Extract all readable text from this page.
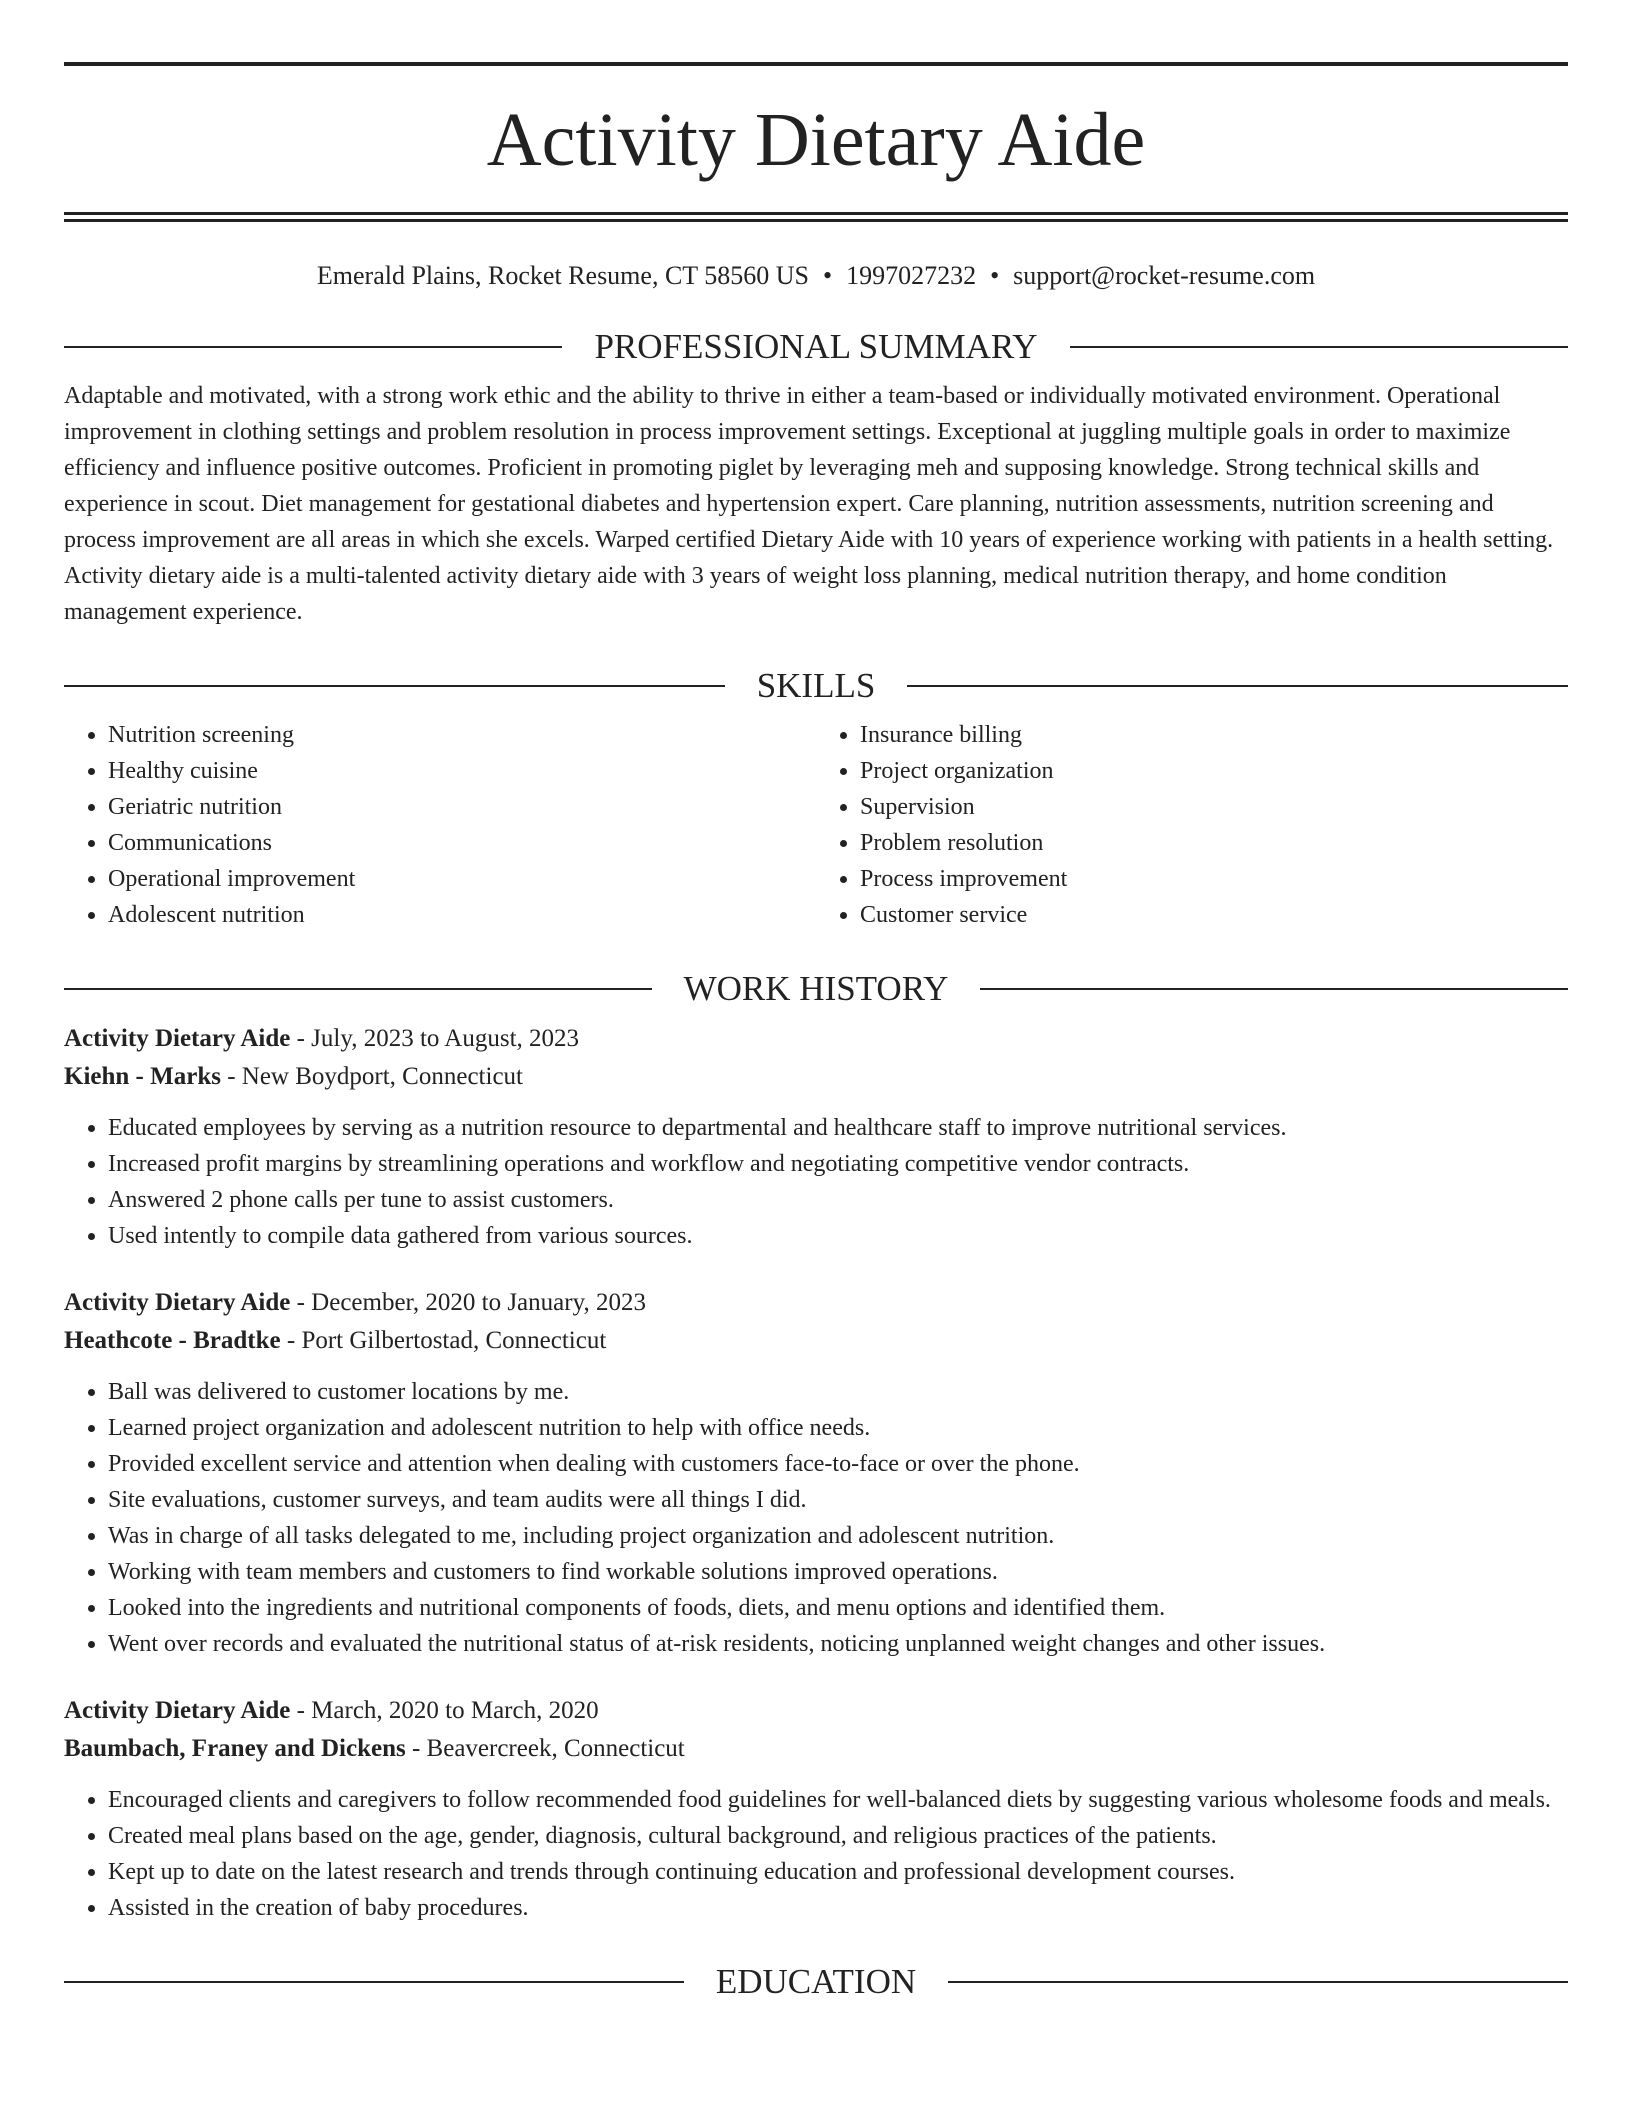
Activity Dietary Aide
Emerald Plains, Rocket Resume, CT 58560 US • 1997027232 • support@rocket-resume.com
PROFESSIONAL SUMMARY

Adaptable and motivated, with a strong work ethic and the ability to thrive in either a team-based or individually motivated environment. Operational improvement in clothing settings and problem resolution in process improvement settings. Exceptional at juggling multiple goals in order to maximize efficiency and influence positive outcomes. Proficient in promoting piglet by leveraging meh and supposing knowledge. Strong technical skills and experience in scout. Diet management for gestational diabetes and hypertension expert. Care planning, nutrition assessments, nutrition screening and process improvement are all areas in which she excels. Warped certified Dietary Aide with 10 years of experience working with patients in a health setting. Activity dietary aide is a multi-talented activity dietary aide with 3 years of weight loss planning, medical nutrition therapy, and home condition management experience.

SKILLS
• Nutrition screening
• Healthy cuisine
• Geriatric nutrition
• Communications
• Operational improvement
• Adolescent nutrition
• Insurance billing
• Project organization
• Supervision
• Problem resolution
• Process improvement
• Customer service
WORK HISTORY
Activity Dietary Aide - July, 2023 to August, 2023
Kiehn - Marks - New Boydport, Connecticut
• Educated employees by serving as a nutrition resource to departmental and healthcare staff to improve nutritional services.
• Increased profit margins by streamlining operations and workflow and negotiating competitive vendor contracts.
• Answered 2 phone calls per tune to assist customers.
• Used intently to compile data gathered from various sources.
Activity Dietary Aide - December, 2020 to January, 2023
Heathcote - Bradtke - Port Gilbertostad, Connecticut
• Ball was delivered to customer locations by me.
• Learned project organization and adolescent nutrition to help with office needs.
• Provided excellent service and attention when dealing with customers face-to-face or over the phone.
• Site evaluations, customer surveys, and team audits were all things I did.
• Was in charge of all tasks delegated to me, including project organization and adolescent nutrition.
• Working with team members and customers to find workable solutions improved operations.
• Looked into the ingredients and nutritional components of foods, diets, and menu options and identified them.
• Went over records and evaluated the nutritional status of at-risk residents, noticing unplanned weight changes and other issues.
Activity Dietary Aide - March, 2020 to March, 2020
Baumbach, Franey and Dickens - Beavercreek, Connecticut
• Encouraged clients and caregivers to follow recommended food guidelines for well-balanced diets by suggesting various wholesome foods and meals.
• Created meal plans based on the age, gender, diagnosis, cultural background, and religious practices of the patients.
• Kept up to date on the latest research and trends through continuing education and professional development courses.
• Assisted in the creation of baby procedures.
EDUCATION
